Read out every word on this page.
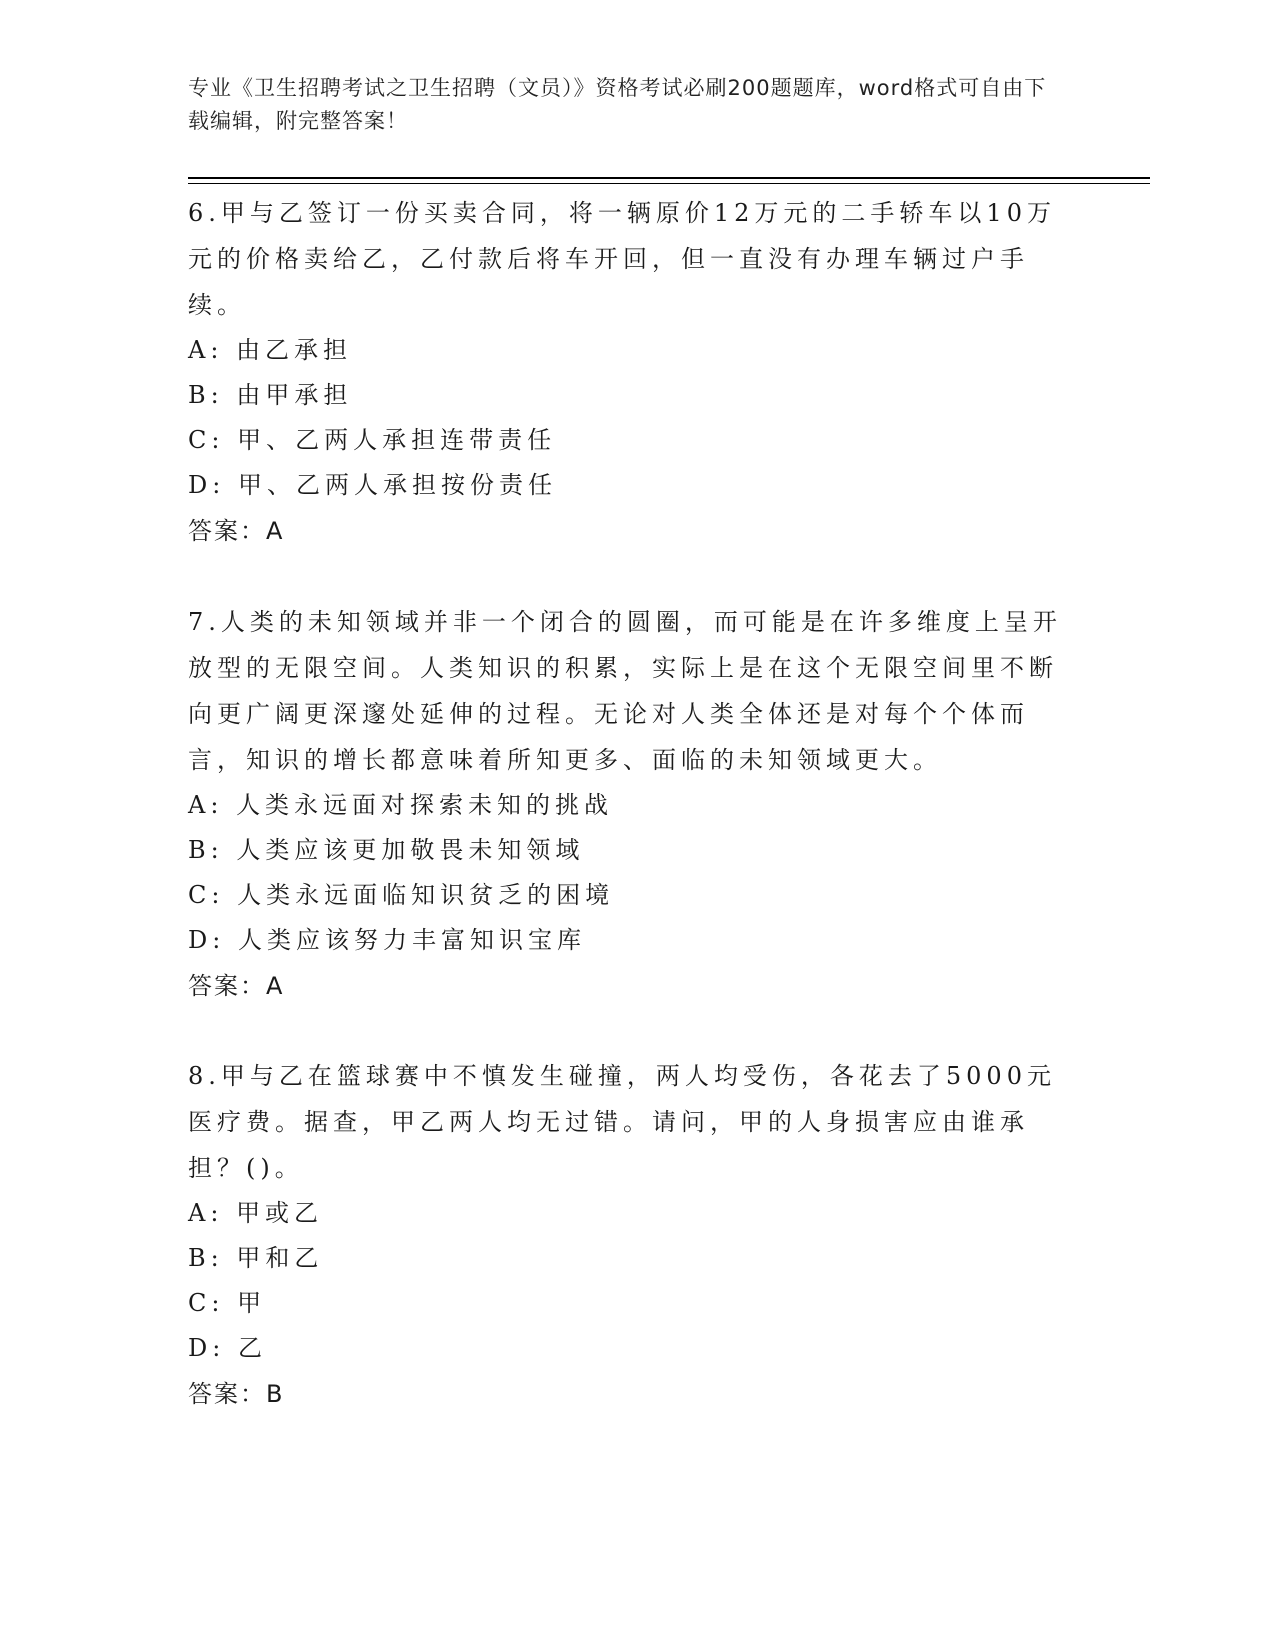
专业《卫生招聘考试之卫生招聘（文员）》资格考试必刷200题题库，word格式可自由下载编辑，附完整答案！
6.甲与乙签订一份买卖合同，将一辆原价12万元的二手轿车以10万元的价格卖给乙，乙付款后将车开回，但一直没有办理车辆过户手续。
A: 由乙承担
B: 由甲承担
C: 甲、乙两人承担连带责任
D: 甲、乙两人承担按份责任
答案：A
7.人类的未知领域并非一个闭合的圆圈，而可能是在许多维度上呈开放型的无限空间。人类知识的积累，实际上是在这个无限空间里不断向更广阔更深邃处延伸的过程。无论对人类全体还是对每个个体而言，知识的增长都意味着所知更多、面临的未知领域更大。
A: 人类永远面对探索未知的挑战
B: 人类应该更加敬畏未知领域
C: 人类永远面临知识贫乏的困境
D: 人类应该努力丰富知识宝库
答案：A
8.甲与乙在篮球赛中不慎发生碰撞，两人均受伤，各花去了5000元医疗费。据查，甲乙两人均无过错。请问，甲的人身损害应由谁承担？()。
A: 甲或乙
B: 甲和乙
C: 甲
D: 乙
答案：B
